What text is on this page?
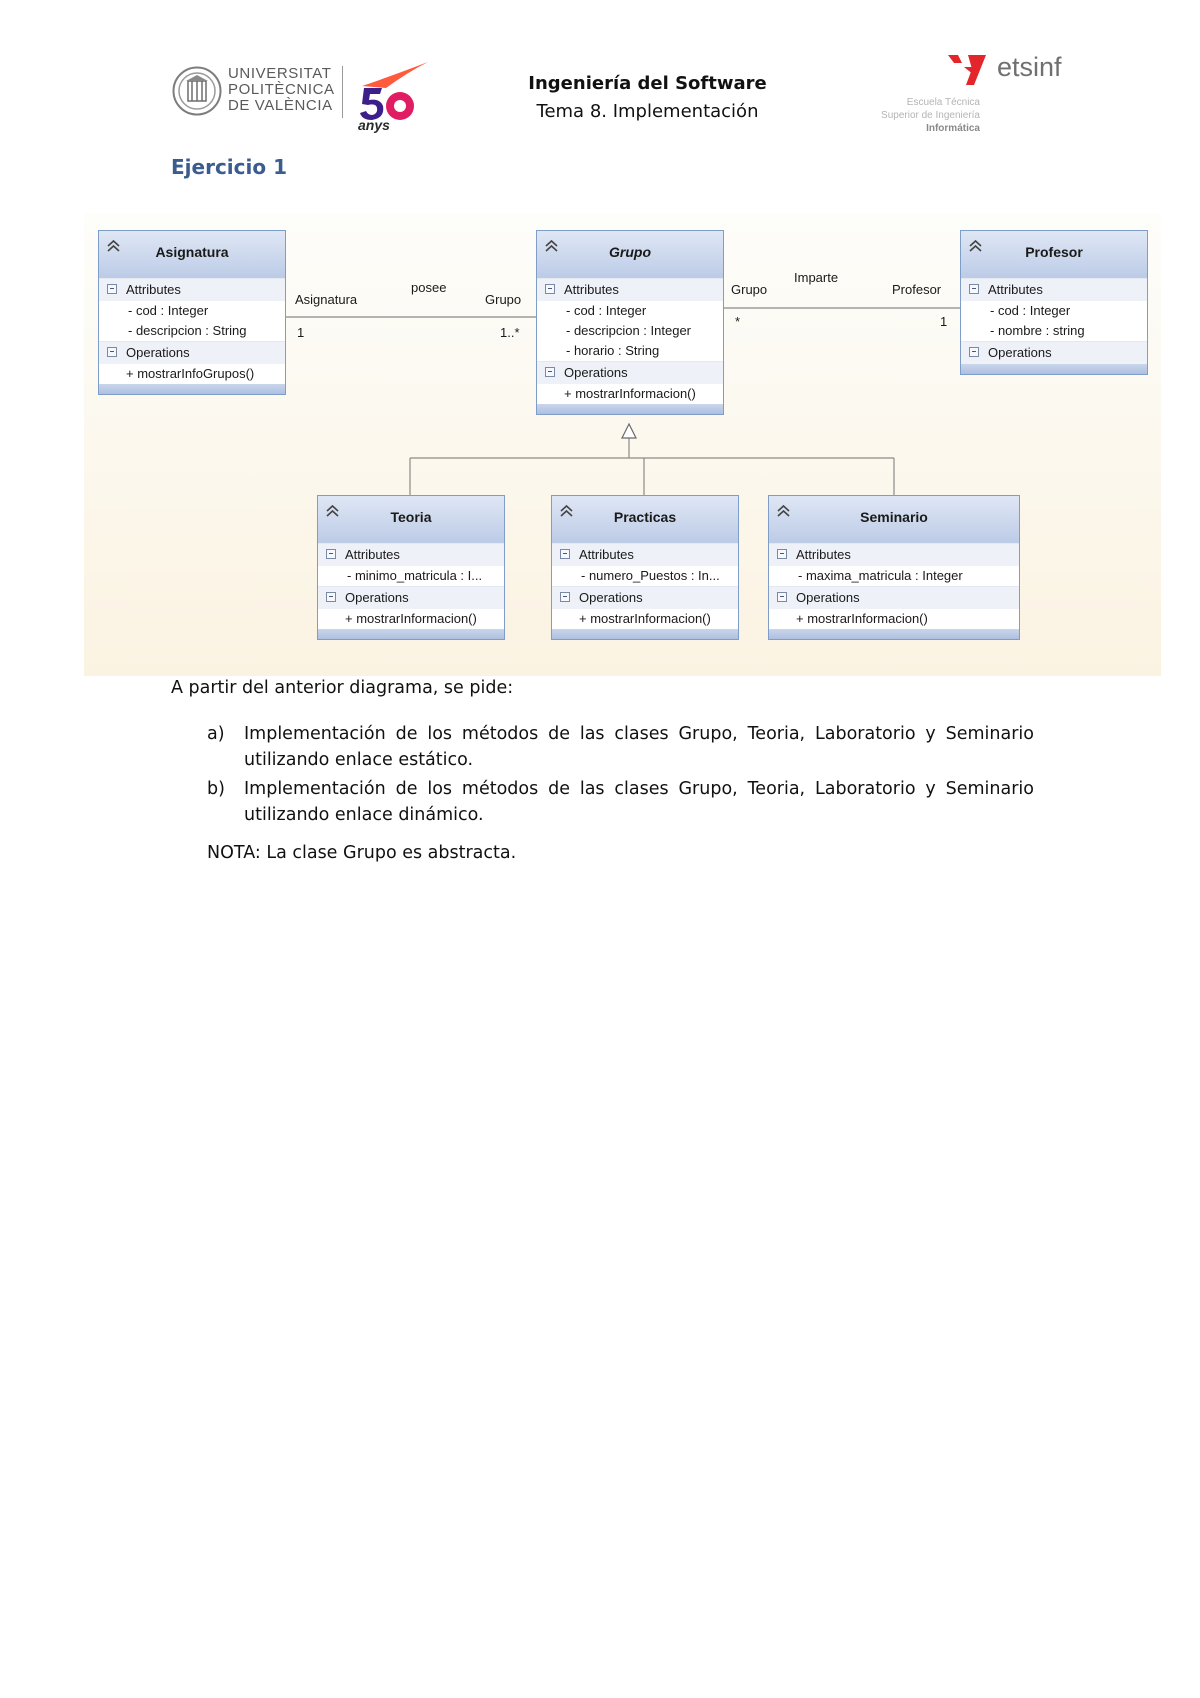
UNIVERSITAT
POLITÈCNICA
DE VALÈNCIA
anys
Ingeniería del Software
Tema 8. Implementación
etsinf
Escuela Técnica
Superior de Ingeniería
Informática
Ejercicio 1
Asignatura
posee
Grupo
1	1..*
Grupo
Imparte
Profesor
*	1
Asignatura
Attributes
- cod : Integer
- descripcion : String
Operations
+ mostrarInfoGrupos()
Grupo
Attributes
- cod : Integer
- descripcion : Integer
- horario : String
Operations
+ mostrarInformacion()
Profesor
Attributes
- cod : Integer
- nombre : string
Operations
Teoria
Attributes
- minimo_matricula : I...
Operations
+ mostrarInformacion()
Practicas
Attributes
- numero_Puestos : In...
Operations
+ mostrarInformacion()
Seminario
Attributes
- maxima_matricula : Integer
Operations
+ mostrarInformacion()
A partir del anterior diagrama, se pide:
a) Implementación de los métodos de las clases Grupo, Teoria, Laboratorio y Seminario
utilizando enlace estático.
b) Implementación de los métodos de las clases Grupo, Teoria, Laboratorio y Seminario
utilizando enlace dinámico.
NOTA: La clase Grupo es abstracta.
